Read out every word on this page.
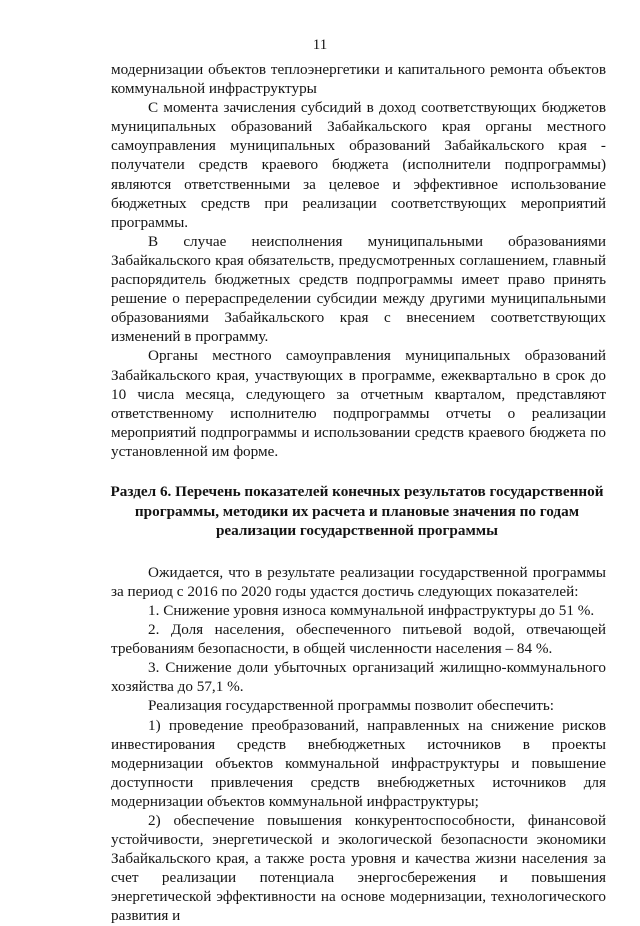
11

модернизации объектов теплоэнергетики и капитального ремонта объектов коммунальной инфраструктуры

С момента зачисления субсидий в доход соответствующих бюджетов муниципальных образований Забайкальского края органы местного самоуправления муниципальных образований Забайкальского края - получатели средств краевого бюджета (исполнители подпрограммы) являются ответственными за целевое и эффективное использование бюджетных средств при реализации соответствующих мероприятий программы.

В случае неисполнения муниципальными образованиями Забайкальского края обязательств, предусмотренных соглашением, главный распорядитель бюджетных средств подпрограммы имеет право принять решение о перераспределении субсидии между другими муниципальными образованиями Забайкальского края с внесением соответствующих изменений в программу.

Органы местного самоуправления муниципальных образований Забайкальского края, участвующих в программе, ежеквартально в срок до 10 числа месяца, следующего за отчетным кварталом, представляют ответственному исполнителю подпрограммы отчеты о реализации мероприятий подпрограммы и использовании средств краевого бюджета по установленной им форме.

Раздел 6. Перечень показателей конечных результатов государственной программы, методики их расчета и плановые значения по годам реализации государственной программы

Ожидается, что в результате реализации государственной программы за период с 2016 по 2020 годы удастся достичь следующих показателей:

1. Снижение уровня износа коммунальной инфраструктуры до 51 %.

2. Доля населения, обеспеченного питьевой водой, отвечающей требованиям безопасности, в общей численности населения – 84 %.

3. Снижение доли убыточных организаций жилищно-коммунального хозяйства до 57,1 %.

Реализация государственной программы позволит обеспечить:

1) проведение преобразований, направленных на снижение рисков инвестирования средств внебюджетных источников в проекты модернизации объектов коммунальной инфраструктуры и повышение доступности привлечения средств внебюджетных источников для модернизации объектов коммунальной инфраструктуры;

2) обеспечение повышения конкурентоспособности, финансовой устойчивости, энергетической и экологической безопасности экономики Забайкальского края, а также роста уровня и качества жизни населения за счет реализации потенциала энергосбережения и повышения энергетической эффективности на основе модернизации, технологического развития и
